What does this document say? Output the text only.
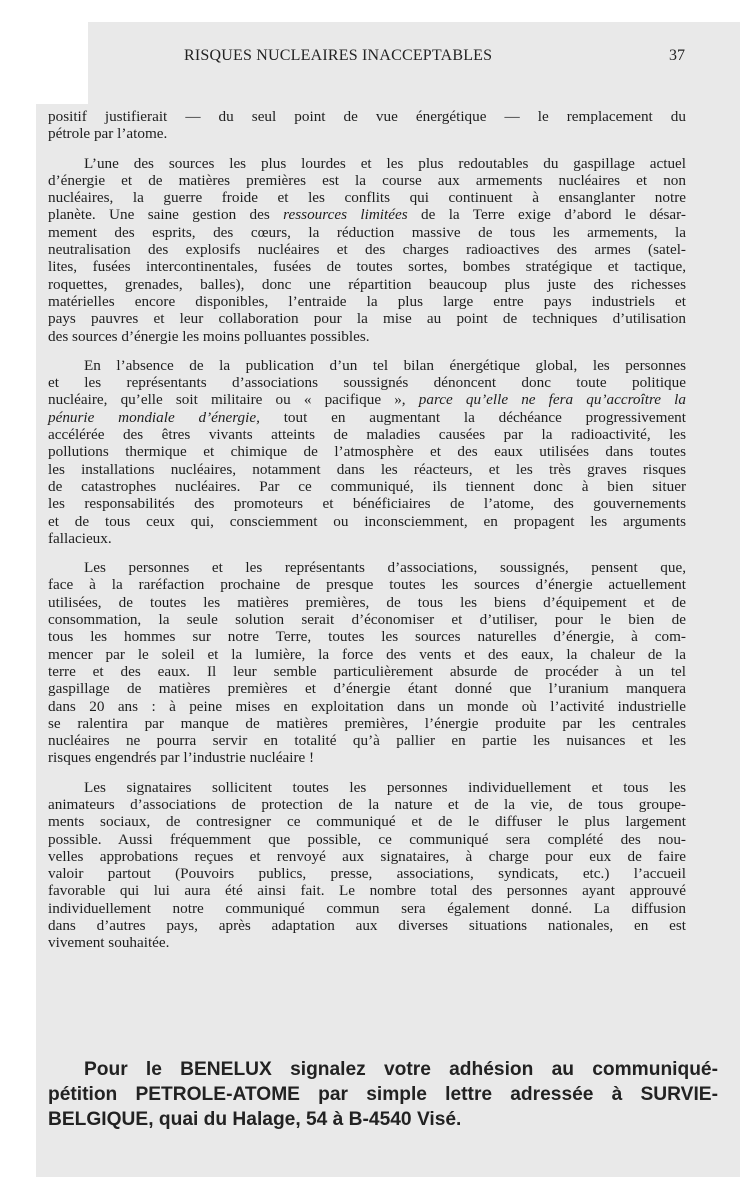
RISQUES NUCLEAIRES INACCEPTABLES	37
positif justifierait — du seul point de vue énergétique — le remplacement du
pétrole par l’atome.
L’une des sources les plus lourdes et les plus redoutables du gaspillage actuel
d’énergie et de matières premières est la course aux armements nucléaires et non
nucléaires, la guerre froide et les conflits qui continuent à ensanglanter notre
planète. Une saine gestion des ressources limitées de la Terre exige d’abord le désar-
mement des esprits, des cœurs, la réduction massive de tous les armements, la
neutralisation des explosifs nucléaires et des charges radioactives des armes (satel-
lites, fusées intercontinentales, fusées de toutes sortes, bombes stratégique et tactique,
roquettes, grenades, balles), donc une répartition beaucoup plus juste des richesses
matérielles encore disponibles, l’entraide la plus large entre pays industriels et
pays pauvres et leur collaboration pour la mise au point de techniques d’utilisation
des sources d’énergie les moins polluantes possibles.
En l’absence de la publication d’un tel bilan énergétique global, les personnes
et les représentants d’associations soussignés dénoncent donc toute politique
nucléaire, qu’elle soit militaire ou « pacifique », parce qu’elle ne fera qu’accroître la
pénurie mondiale d’énergie, tout en augmentant la déchéance progressivement
accélérée des êtres vivants atteints de maladies causées par la radioactivité, les
pollutions thermique et chimique de l’atmosphère et des eaux utilisées dans toutes
les installations nucléaires, notamment dans les réacteurs, et les très graves risques
de catastrophes nucléaires. Par ce communiqué, ils tiennent donc à bien situer
les responsabilités des promoteurs et bénéficiaires de l’atome, des gouvernements
et de tous ceux qui, consciemment ou inconsciemment, en propagent les arguments
fallacieux.
Les personnes et les représentants d’associations, soussignés, pensent que,
face à la raréfaction prochaine de presque toutes les sources d’énergie actuellement
utilisées, de toutes les matières premières, de tous les biens d’équipement et de
consommation, la seule solution serait d’économiser et d’utiliser, pour le bien de
tous les hommes sur notre Terre, toutes les sources naturelles d’énergie, à com-
mencer par le soleil et la lumière, la force des vents et des eaux, la chaleur de la
terre et des eaux. Il leur semble particulièrement absurde de procéder à un tel
gaspillage de matières premières et d’énergie étant donné que l’uranium manquera
dans 20 ans : à peine mises en exploitation dans un monde où l’activité industrielle
se ralentira par manque de matières premières, l’énergie produite par les centrales
nucléaires ne pourra servir en totalité qu’à pallier en partie les nuisances et les
risques engendrés par l’industrie nucléaire !
Les signataires sollicitent toutes les personnes individuellement et tous les
animateurs d’associations de protection de la nature et de la vie, de tous groupe-
ments sociaux, de contresigner ce communiqué et de le diffuser le plus largement
possible. Aussi fréquemment que possible, ce communiqué sera complété des nou-
velles approbations reçues et renvoyé aux signataires, à charge pour eux de faire
valoir partout (Pouvoirs publics, presse, associations, syndicats, etc.) l’accueil
favorable qui lui aura été ainsi fait. Le nombre total des personnes ayant approuvé
individuellement notre communiqué commun sera également donné. La diffusion
dans d’autres pays, après adaptation aux diverses situations nationales, en est
vivement souhaitée.
Pour le BENELUX signalez votre adhésion au communiqué-
pétition PETROLE-ATOME par simple lettre adressée à SURVIE-
BELGIQUE, quai du Halage, 54 à B-4540 Visé.
